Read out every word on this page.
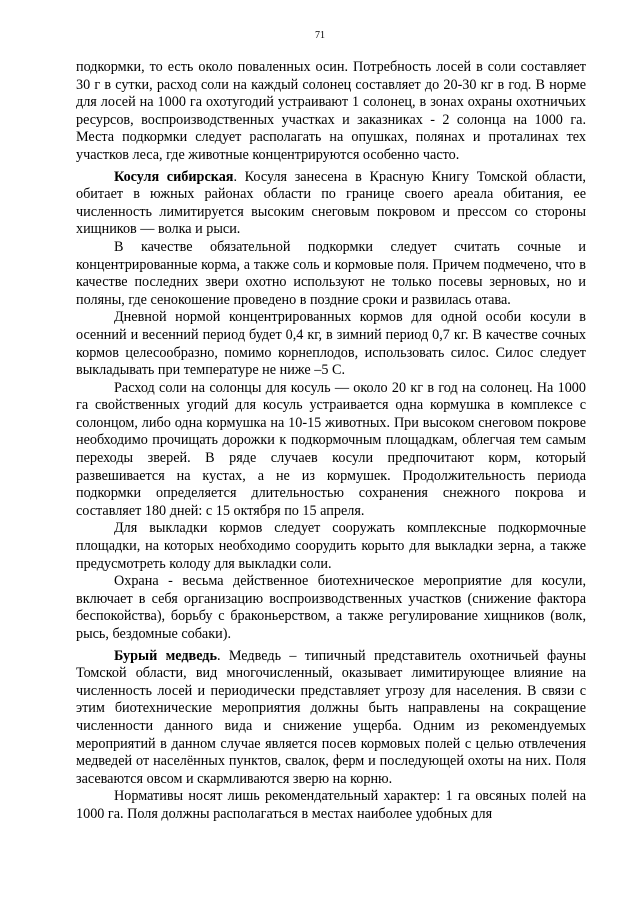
71

подкормки, то есть около поваленных осин. Потребность лосей в соли составляет 30 г в сутки, расход соли на каждый солонец составляет до 20-30 кг в год. В норме для лосей на 1000 га охотугодий устраивают 1 солонец, в зонах охраны охотничьих ресурсов, воспроизводственных участках и заказниках - 2 солонца на 1000 га. Места подкормки следует располагать на опушках, полянах и проталинах тех участков леса, где животные концентрируются особенно часто.

Косуля сибирская. Косуля занесена в Красную Книгу Томской области, обитает в южных районах области по границе своего ареала обитания, ее численность лимитируется высоким снеговым покровом и прессом со стороны хищников — волка и рыси.

В качестве обязательной подкормки следует считать сочные и концентрированные корма, а также соль и кормовые поля. Причем подмечено, что в качестве последних звери охотно используют не только посевы зерновых, но и поляны, где сенокошение проведено в поздние сроки и развилась отава.

Дневной нормой концентрированных кормов для одной особи косули в осенний и весенний период будет 0,4 кг, в зимний период 0,7 кг. В качестве сочных кормов целесообразно, помимо корнеплодов, использовать силос. Силос следует выкладывать при температуре не ниже –5 С.

Расход соли на солонцы для косуль — около 20 кг в год на солонец. На 1000 га свойственных угодий для косуль устраивается одна кормушка в комплексе с солонцом, либо одна кормушка на 10-15 животных. При высоком снеговом покрове необходимо прочищать дорожки к подкормочным площадкам, облегчая тем самым переходы зверей. В ряде случаев косули предпочитают корм, который развешивается на кустах, а не из кормушек. Продолжительность периода подкормки определяется длительностью сохранения снежного покрова и составляет 180 дней: с 15 октября по 15 апреля.

Для выкладки кормов следует сооружать комплексные подкормочные площадки, на которых необходимо соорудить корыто для выкладки зерна, а также предусмотреть колоду для выкладки соли.

Охрана - весьма действенное биотехническое мероприятие для косули, включает в себя организацию воспроизводственных участков (снижение фактора беспокойства), борьбу с браконьерством, а также регулирование хищников (волк, рысь, бездомные собаки).

Бурый медведь. Медведь – типичный представитель охотничьей фауны Томской области, вид многочисленный, оказывает лимитирующее влияние на численность лосей и периодически представляет угрозу для населения. В связи с этим биотехнические мероприятия должны быть направлены на сокращение численности данного вида и снижение ущерба. Одним из рекомендуемых мероприятий в данном случае является посев кормовых полей с целью отвлечения медведей от населённых пунктов, свалок, ферм и последующей охоты на них. Поля засеваются овсом и скармливаются зверю на корню.

Нормативы носят лишь рекомендательный характер: 1 га овсяных полей на 1000 га. Поля должны располагаться в местах наиболее удобных для
